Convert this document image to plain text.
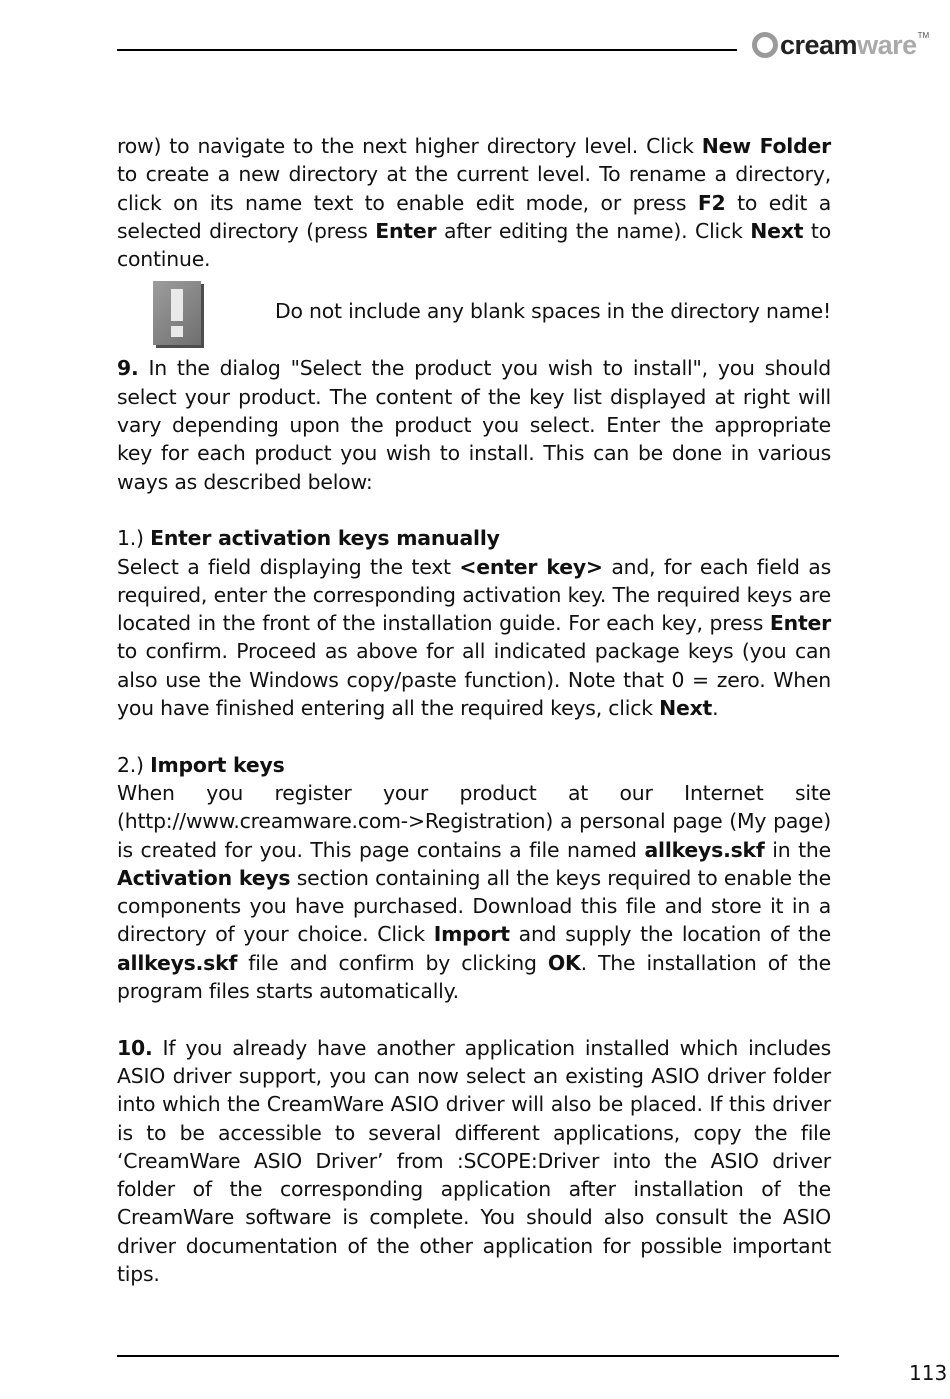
creamware TM

row) to navigate to the next higher directory level. Click New Folder to create a new directory at the current level. To rename a directory, click on its name text to enable edit mode, or press F2 to edit a selected directory (press Enter after editing the name). Click Next to continue.

Do not include any blank spaces in the directory name!

9. In the dialog "Select the product you wish to install", you should select your product. The content of the key list displayed at right will vary depending upon the product you select. Enter the appropriate key for each product you wish to install. This can be done in various ways as described below:

1.) Enter activation keys manually

Select a field displaying the text <enter key> and, for each field as required, enter the corresponding activation key. The required keys are located in the front of the installation guide. For each key, press Enter to confirm. Proceed as above for all indicated package keys (you can also use the Windows copy/paste function). Note that 0 = zero. When you have finished entering all the required keys, click Next.

2.) Import keys

When you register your product at our Internet site (http://www.creamware.com->Registration) a personal page (My page) is created for you. This page contains a file named allkeys.skf in the Activation keys section containing all the keys required to enable the components you have purchased. Download this file and store it in a directory of your choice. Click Import and supply the location of the allkeys.skf file and confirm by clicking OK. The installation of the program files starts automatically.

10. If you already have another application installed which includes ASIO driver support, you can now select an existing ASIO driver folder into which the CreamWare ASIO driver will also be placed. If this driver is to be accessible to several different applications, copy the file ‘CreamWare ASIO Driver’ from :SCOPE:Driver into the ASIO driver folder of the corresponding application after installation of the CreamWare software is complete. You should also consult the ASIO driver documentation of the other application for possible important tips.

113
